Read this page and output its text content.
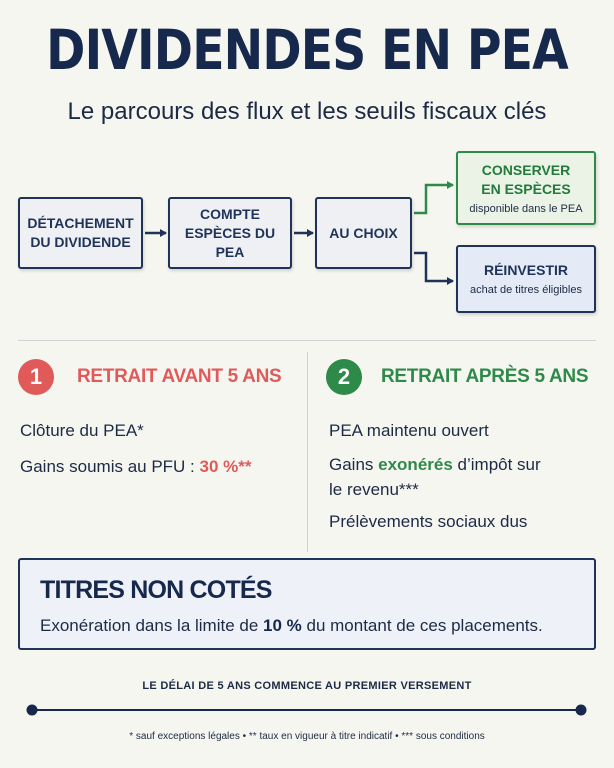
DIVIDENDES EN PEA
Le parcours des flux et les seuils fiscaux clés
DÉTACHEMENT DU DIVIDENDE
COMPTE ESPÈCES DU PEA
AU CHOIX
CONSERVER EN ESPÈCES
disponible dans le PEA
RÉINVESTIR
achat de titres éligibles
1 RETRAIT AVANT 5 ANS
Clôture du PEA*
Gains soumis au PFU : 30 %**
2 RETRAIT APRÈS 5 ANS
PEA maintenu ouvert
Gains exonérés d’impôt sur
le revenu***
Prélèvements sociaux dus
TITRES NON COTÉS
Exonération dans la limite de 10 % du montant de ces placements.
LE DÉLAI DE 5 ANS COMMENCE AU PREMIER VERSEMENT
* sauf exceptions légales • ** taux en vigueur à titre indicatif • *** sous conditions
